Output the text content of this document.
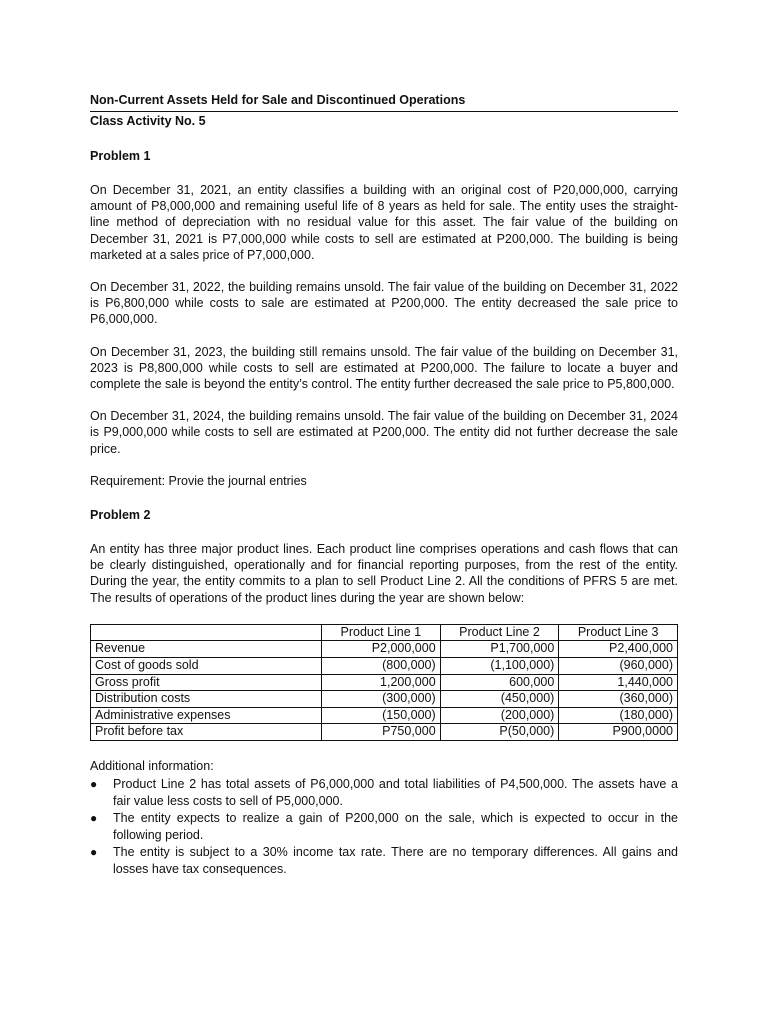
Non-Current Assets Held for Sale and Discontinued Operations
Class Activity No. 5
Problem 1

On December 31, 2021, an entity classifies a building with an original cost of P20,000,000, carrying amount of P8,000,000 and remaining useful life of 8 years as held for sale. The entity uses the straight-line method of depreciation with no residual value for this asset. The fair value of the building on December 31, 2021 is P7,000,000 while costs to sell are estimated at P200,000. The building is being marketed at a sales price of P7,000,000.

On December 31, 2022, the building remains unsold. The fair value of the building on December 31, 2022 is P6,800,000 while costs to sale are estimated at P200,000. The entity decreased the sale price to P6,000,000.

On December 31, 2023, the building still remains unsold. The fair value of the building on December 31, 2023 is P8,800,000 while costs to sell are estimated at P200,000. The failure to locate a buyer and complete the sale is beyond the entity’s control. The entity further decreased the sale price to P5,800,000.

On December 31, 2024, the building remains unsold. The fair value of the building on December 31, 2024 is P9,000,000 while costs to sell are estimated at P200,000. The entity did not further decrease the sale price.

Requirement: Provie the journal entries

Problem 2

An entity has three major product lines. Each product line comprises operations and cash flows that can be clearly distinguished, operationally and for financial reporting purposes, from the rest of the entity. During the year, the entity commits to a plan to sell Product Line 2. All the conditions of PFRS 5 are met. The results of operations of the product lines during the year are shown below:

	Product Line 1	Product Line 2	Product Line 3
Revenue	P2,000,000	P1,700,000	P2,400,000
Cost of goods sold	(800,000)	(1,100,000)	(960,000)
Gross profit	1,200,000	600,000	1,440,000
Distribution costs	(300,000)	(450,000)	(360,000)
Administrative expenses	(150,000)	(200,000)	(180,000)
Profit before tax	P750,000	P(50,000)	P900,0000
Additional information:
● Product Line 2 has total assets of P6,000,000 and total liabilities of P4,500,000. The assets have a fair value less costs to sell of P5,000,000.
● The entity expects to realize a gain of P200,000 on the sale, which is expected to occur in the following period.
● The entity is subject to a 30% income tax rate. There are no temporary differences. All gains and losses have tax consequences.
